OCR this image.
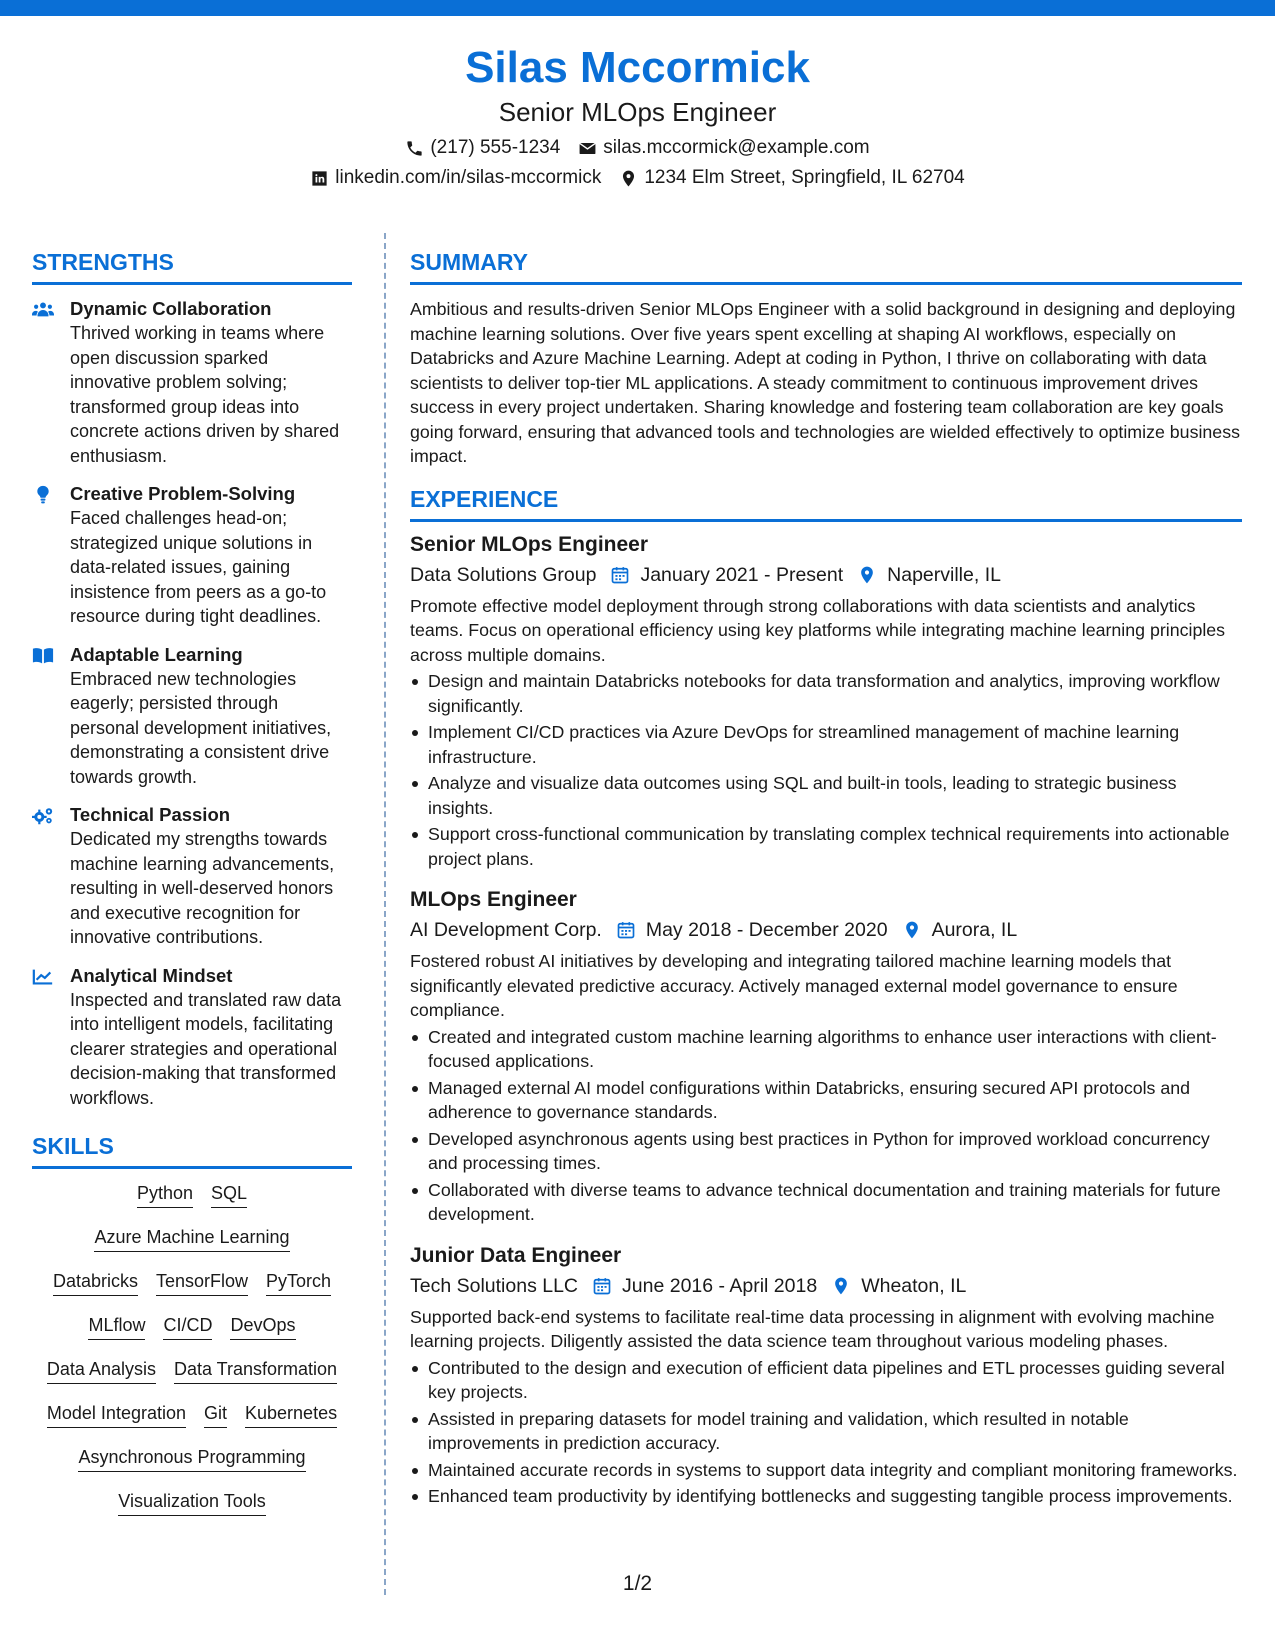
Silas Mccormick
Senior MLOps Engineer
(217) 555-1234 silas.mccormick@example.com
linkedin.com/in/silas-mccormick 1234 Elm Street, Springfield, IL 62704
STRENGTHS
Dynamic Collaboration
Thrived working in teams where open discussion sparked innovative problem solving; transformed group ideas into concrete actions driven by shared enthusiasm.
Creative Problem-Solving
Faced challenges head-on; strategized unique solutions in data-related issues, gaining insistence from peers as a go-to resource during tight deadlines.
Adaptable Learning
Embraced new technologies eagerly; persisted through personal development initiatives, demonstrating a consistent drive towards growth.
Technical Passion
Dedicated my strengths towards machine learning advancements, resulting in well-deserved honors and executive recognition for innovative contributions.
Analytical Mindset
Inspected and translated raw data into intelligent models, facilitating clearer strategies and operational decision-making that transformed workflows.
SKILLS
Python SQL
Azure Machine Learning
Databricks TensorFlow PyTorch
MLflow CI/CD DevOps
Data Analysis Data Transformation
Model Integration Git Kubernetes
Asynchronous Programming
Visualization Tools
SUMMARY

Ambitious and results-driven Senior MLOps Engineer with a solid background in designing and deploying machine learning solutions. Over five years spent excelling at shaping AI workflows, especially on Databricks and Azure Machine Learning. Adept at coding in Python, I thrive on collaborating with data scientists to deliver top-tier ML applications. A steady commitment to continuous improvement drives success in every project undertaken. Sharing knowledge and fostering team collaboration are key goals going forward, ensuring that advanced tools and technologies are wielded effectively to optimize business impact.

EXPERIENCE
Senior MLOps Engineer
Data Solutions Group January 2021 - Present Naperville, IL

Promote effective model deployment through strong collaborations with data scientists and analytics teams. Focus on operational efficiency using key platforms while integrating machine learning principles across multiple domains.

Design and maintain Databricks notebooks for data transformation and analytics, improving workflow significantly.
Implement CI/CD practices via Azure DevOps for streamlined management of machine learning infrastructure.
Analyze and visualize data outcomes using SQL and built-in tools, leading to strategic business insights.
Support cross-functional communication by translating complex technical requirements into actionable project plans.
MLOps Engineer
AI Development Corp. May 2018 - December 2020 Aurora, IL

Fostered robust AI initiatives by developing and integrating tailored machine learning models that significantly elevated predictive accuracy. Actively managed external model governance to ensure compliance.

Created and integrated custom machine learning algorithms to enhance user interactions with client-focused applications.
Managed external AI model configurations within Databricks, ensuring secured API protocols and adherence to governance standards.
Developed asynchronous agents using best practices in Python for improved workload concurrency and processing times.
Collaborated with diverse teams to advance technical documentation and training materials for future development.
Junior Data Engineer
Tech Solutions LLC June 2016 - April 2018 Wheaton, IL

Supported back-end systems to facilitate real-time data processing in alignment with evolving machine learning projects. Diligently assisted the data science team throughout various modeling phases.

Contributed to the design and execution of efficient data pipelines and ETL processes guiding several key projects.
Assisted in preparing datasets for model training and validation, which resulted in notable improvements in prediction accuracy.
Maintained accurate records in systems to support data integrity and compliant monitoring frameworks.
Enhanced team productivity by identifying bottlenecks and suggesting tangible process improvements.
1/2
